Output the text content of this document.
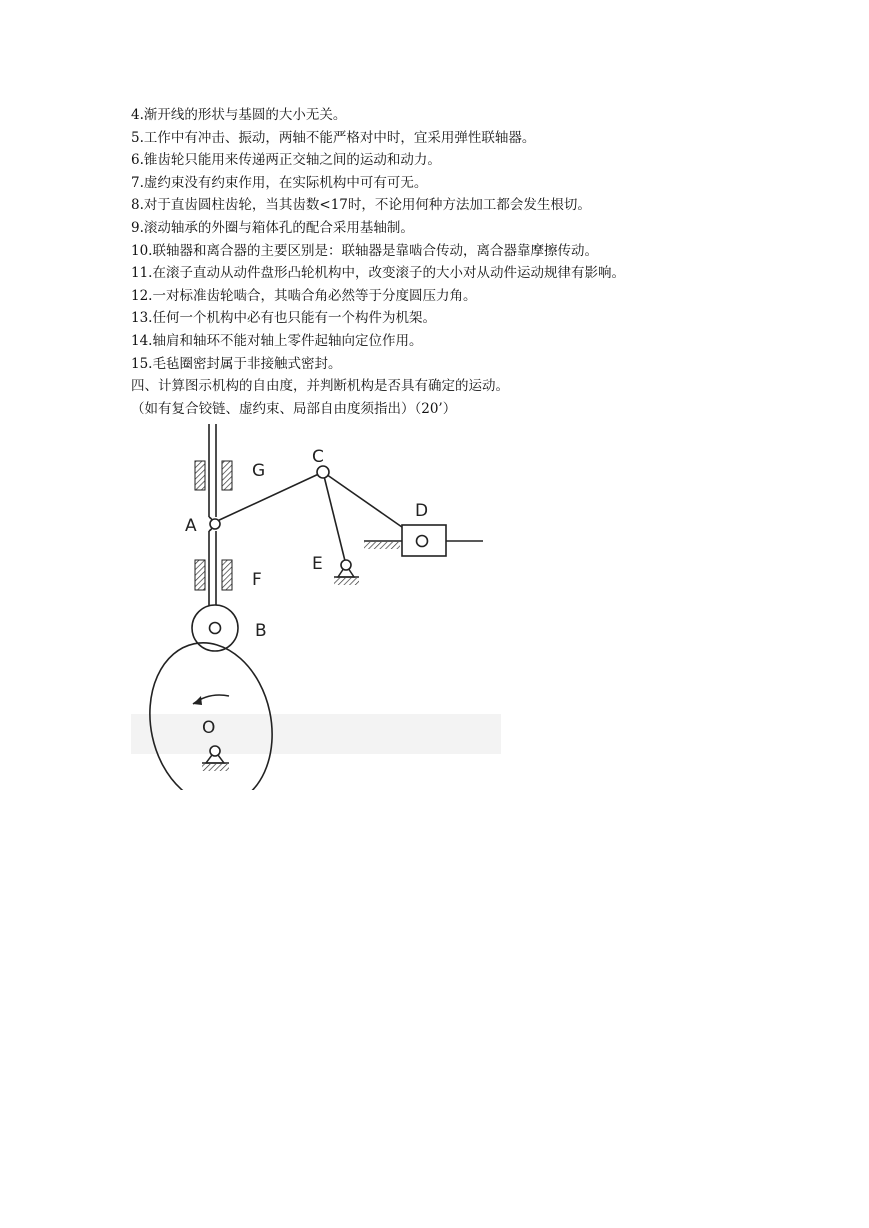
4.渐开线的形状与基圆的大小无关。
5.工作中有冲击、振动，两轴不能严格对中时，宜采用弹性联轴器。
6.锥齿轮只能用来传递两正交轴之间的运动和动力。
7.虚约束没有约束作用，在实际机构中可有可无。
8.对于直齿圆柱齿轮，当其齿数<17时，不论用何种方法加工都会发生根切。
9.滚动轴承的外圈与箱体孔的配合采用基轴制。
10.联轴器和离合器的主要区别是：联轴器是靠啮合传动，离合器靠摩擦传动。
11.在滚子直动从动件盘形凸轮机构中，改变滚子的大小对从动件运动规律有影响。
12.一对标准齿轮啮合，其啮合角必然等于分度圆压力角。
13.任何一个机构中必有也只能有一个构件为机架。
14.轴肩和轴环不能对轴上零件起轴向定位作用。
15.毛毡圈密封属于非接触式密封。
四、计算图示机构的自由度，并判断机构是否具有确定的运动。
（如有复合铰链、虚约束、局部自由度须指出）（20’）
G
C
A
D
E
F
B
O
